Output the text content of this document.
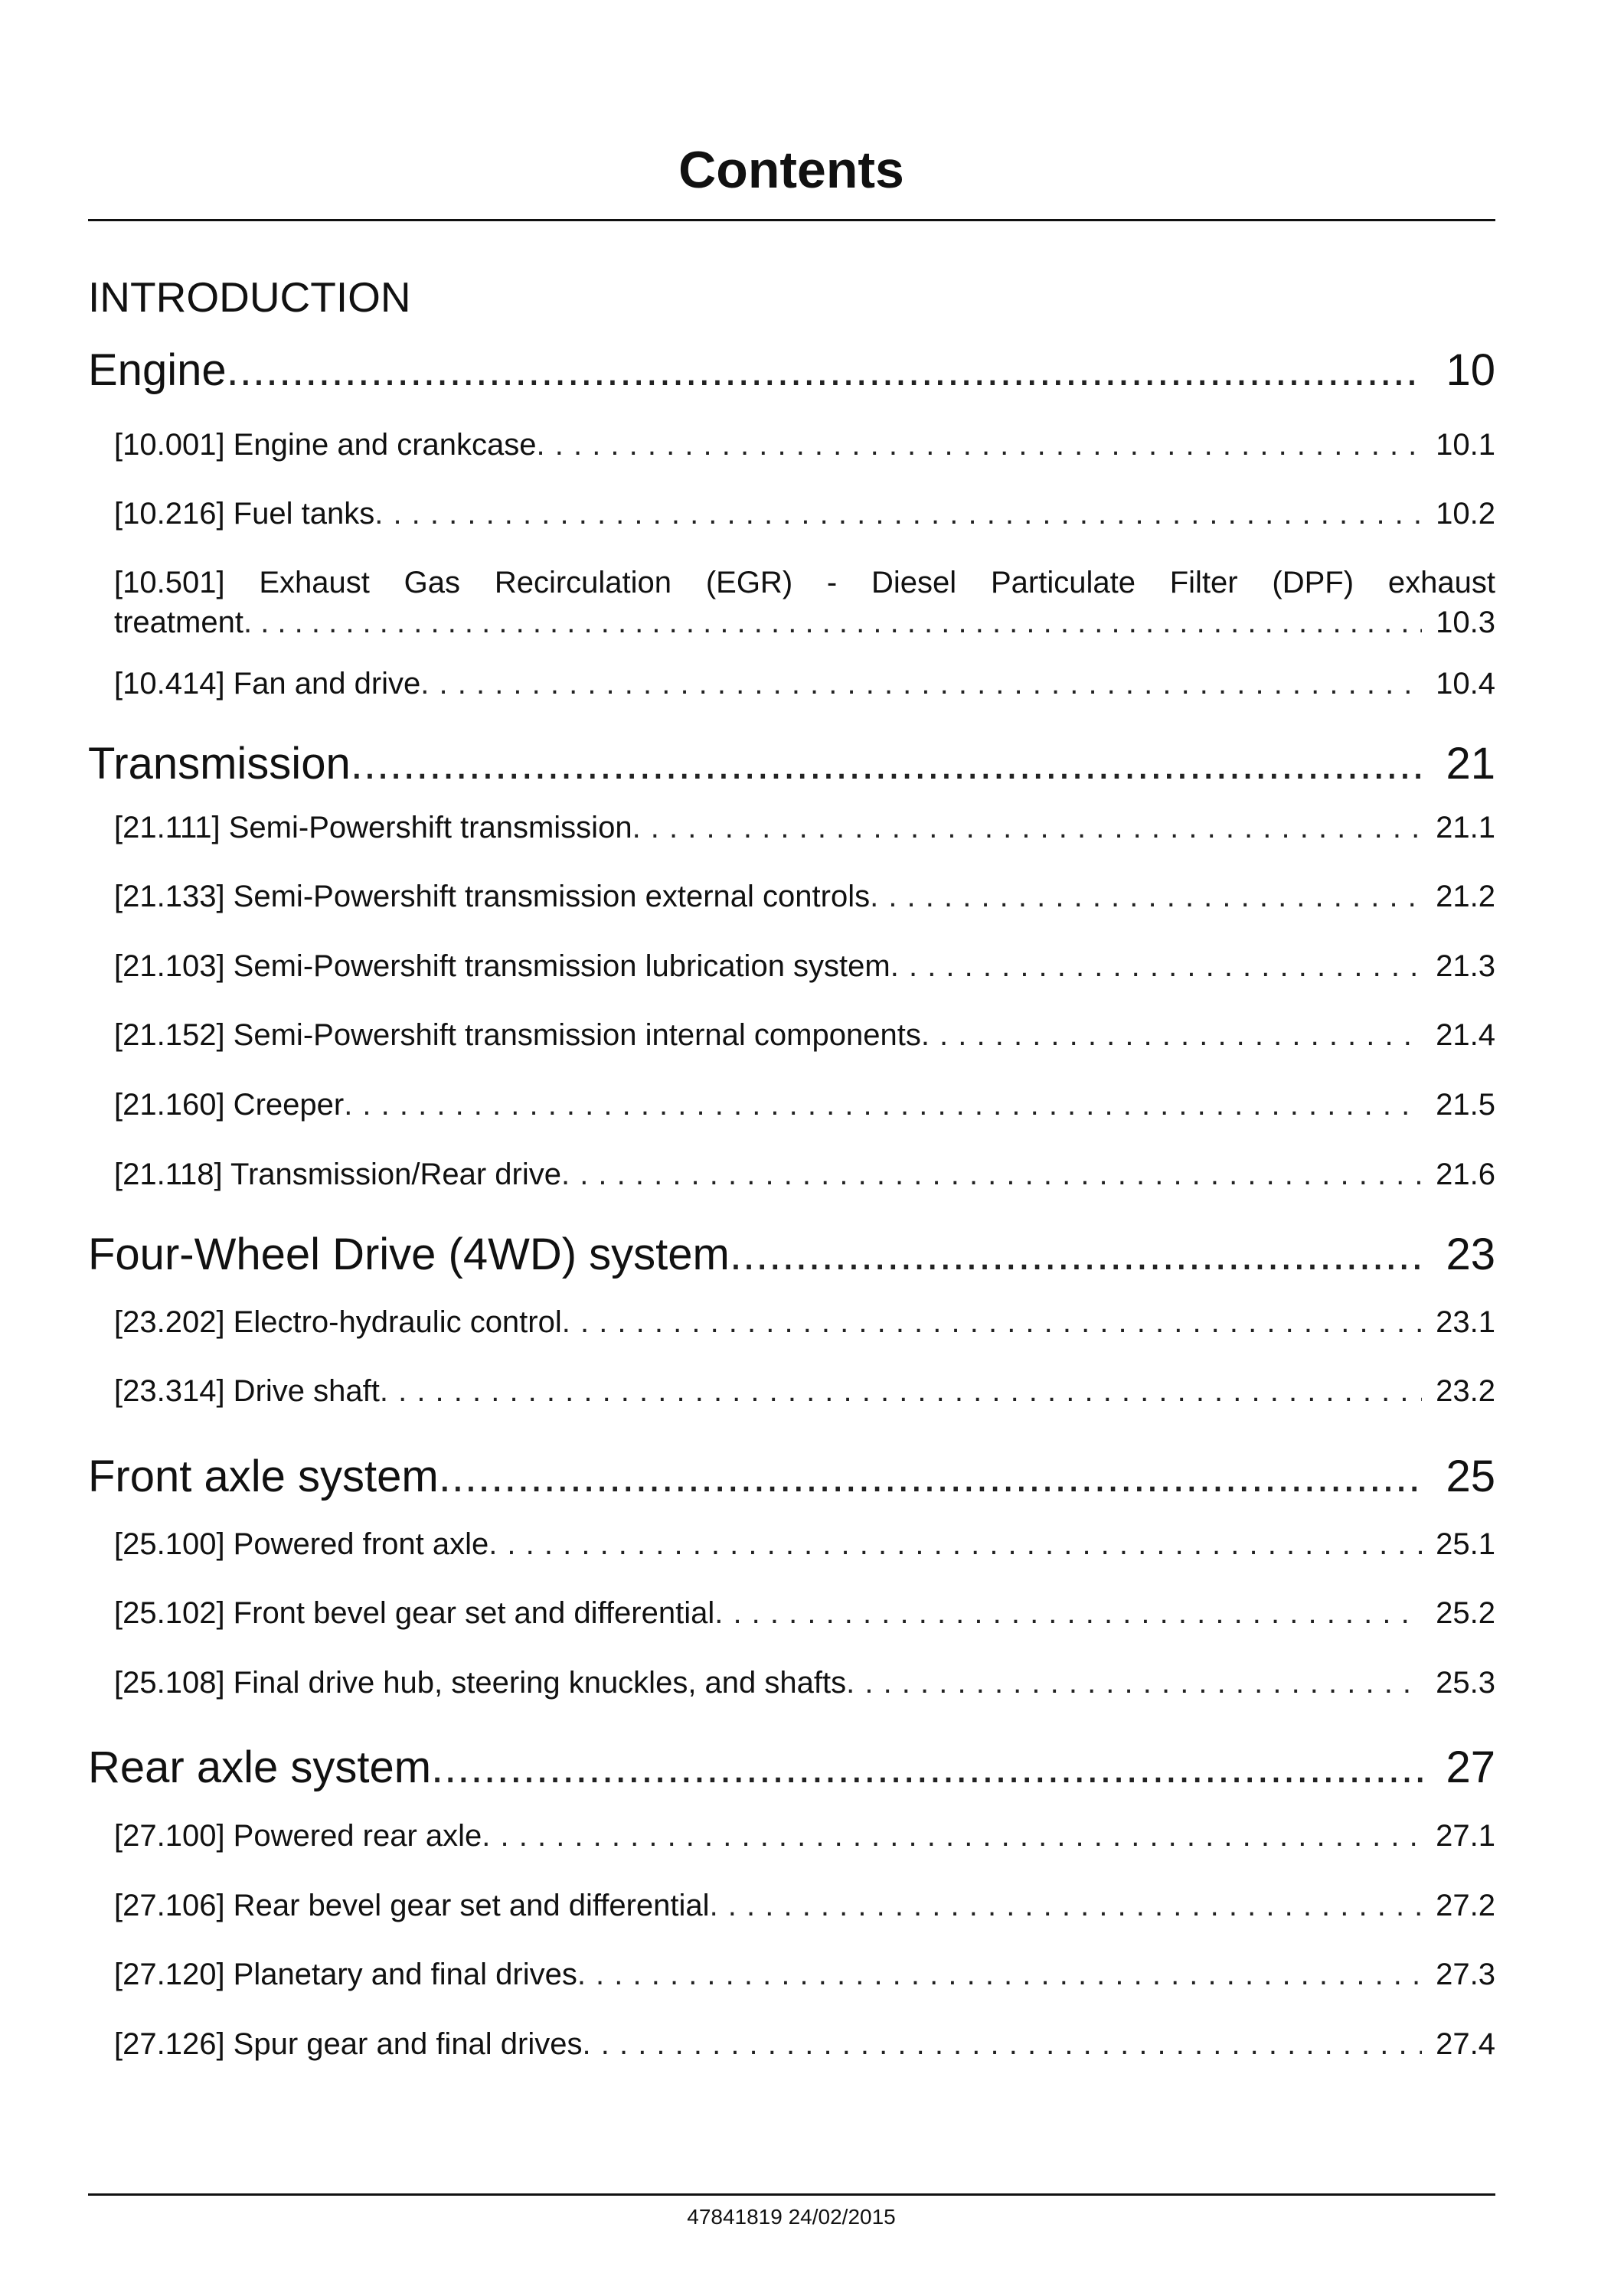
Contents
INTRODUCTION
Engine .....	10
[10.001] Engine and crankcase . . .	10.1
[10.216] Fuel tanks . . .	10.2
[10.501] Exhaust Gas Recirculation (EGR) - Diesel Particulate Filter (DPF) exhaust
treatment . . .	10.3
[10.414] Fan and drive . . .	10.4
Transmission .....	21
[21.111] Semi-Powershift transmission . . .	21.1
[21.133] Semi-Powershift transmission external controls . . .	21.2
[21.103] Semi-Powershift transmission lubrication system . . .	21.3
[21.152] Semi-Powershift transmission internal components . . .	21.4
[21.160] Creeper . . .	21.5
[21.118] Transmission/Rear drive . . .	21.6
Four-Wheel Drive (4WD) system .....	23
[23.202] Electro-hydraulic control . . .	23.1
[23.314] Drive shaft . . .	23.2
Front axle system .....	25
[25.100] Powered front axle . . .	25.1
[25.102] Front bevel gear set and differential . . .	25.2
[25.108] Final drive hub, steering knuckles, and shafts . . .	25.3
Rear axle system .....	27
[27.100] Powered rear axle . . .	27.1
[27.106] Rear bevel gear set and differential . . .	27.2
[27.120] Planetary and final drives . . .	27.3
[27.126] Spur gear and final drives . . .	27.4
47841819 24/02/2015
